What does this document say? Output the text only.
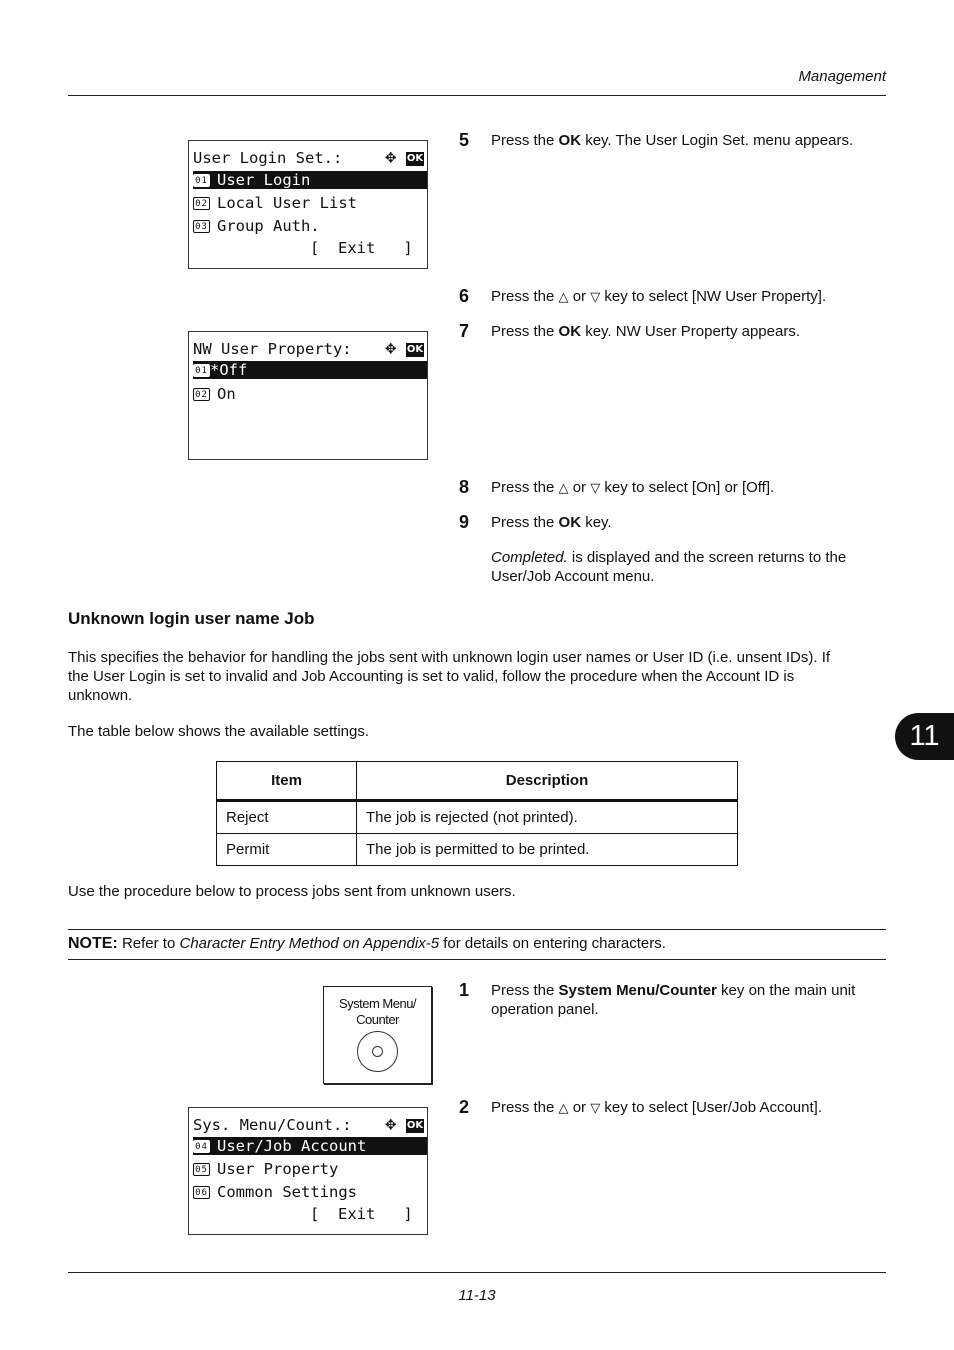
Management
User Login Set.:	✥ OK
01 User Login
02 Local User List
03 Group Auth.
[  Exit   ]
NW User Property: ✥ OK
01 *Off
02 On
5 Press the OK key. The User Login Set. menu appears.
6 Press the △ or ▽ key to select [NW User Property].
7 Press the OK key. NW User Property appears.
8 Press the △ or ▽ key to select [On] or [Off].
9 Press the OK key.
Completed. is displayed and the screen returns to the
User/Job Account menu.
Unknown login user name Job
This specifies the behavior for handling the jobs sent with unknown login user names or User ID (i.e. unsent IDs). If
the User Login is set to invalid and Job Accounting is set to valid, follow the procedure when the Account ID is
unknown.
The table below shows the available settings.	11
Item	Description
Reject	The job is rejected (not printed).
Permit	The job is permitted to be printed.
Use the procedure below to process jobs sent from unknown users.
NOTE: Refer to Character Entry Method on Appendix-5 for details on entering characters.
System Menu/
Counter
1 Press the System Menu/Counter key on the main unit
operation panel.
2 Press the △ or ▽ key to select [User/Job Account].
Sys. Menu/Count.: ✥ OK
04 User/Job Account
05 User Property
06 Common Settings
[  Exit   ]
11-13
